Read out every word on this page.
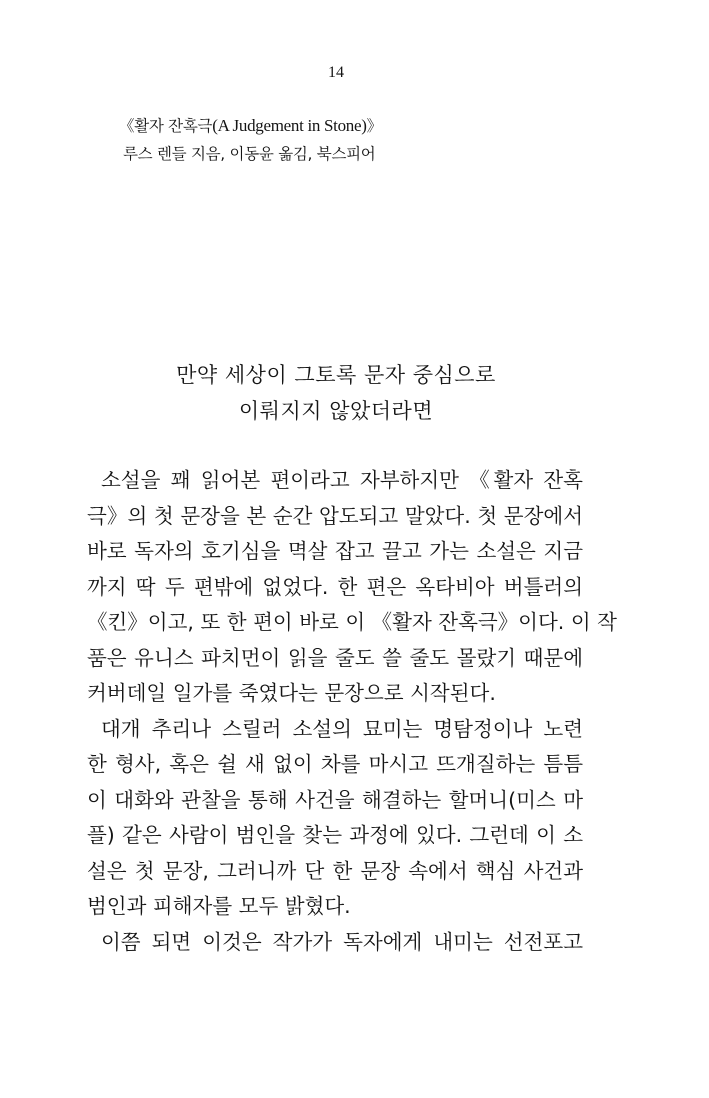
14
《활자 잔혹극(A Judgement in Stone)》
루스 렌들 지음, 이동윤 옮김, 북스피어
만약 세상이 그토록 문자 중심으로
이뤄지지 않았더라면
소설을 꽤 읽어본 편이라고 자부하지만 《활자 잔혹
극》의 첫 문장을 본 순간 압도되고 말았다. 첫 문장에서
바로 독자의 호기심을 멱살 잡고 끌고 가는 소설은 지금
까지 딱 두 편밖에 없었다. 한 편은 옥타비아 버틀러의
《킨》이고, 또 한 편이 바로 이 《활자 잔혹극》이다. 이 작
품은 유니스 파치먼이 읽을 줄도 쓸 줄도 몰랐기 때문에
커버데일 일가를 죽였다는 문장으로 시작된다.
대개 추리나 스릴러 소설의 묘미는 명탐정이나 노련
한 형사, 혹은 쉴 새 없이 차를 마시고 뜨개질하는 틈틈
이 대화와 관찰을 통해 사건을 해결하는 할머니(미스 마
플) 같은 사람이 범인을 찾는 과정에 있다. 그런데 이 소
설은 첫 문장, 그러니까 단 한 문장 속에서 핵심 사건과
범인과 피해자를 모두 밝혔다.
이쯤 되면 이것은 작가가 독자에게 내미는 선전포고
